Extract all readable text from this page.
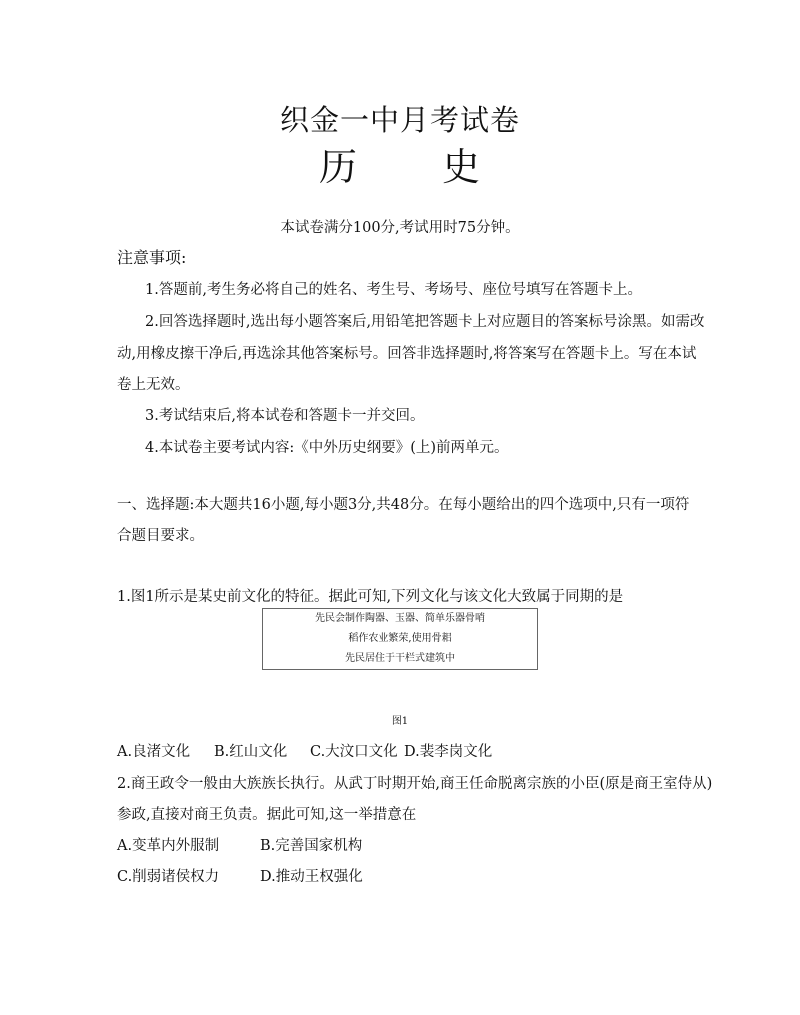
织金一中月考试卷
历 史
本试卷满分100分,考试用时75分钟。
注意事项:
1.答题前,考生务必将自己的姓名、考生号、考场号、座位号填写在答题卡上。
2.回答选择题时,选出每小题答案后,用铅笔把答题卡上对应题目的答案标号涂黑。如需改
动,用橡皮擦干净后,再选涂其他答案标号。回答非选择题时,将答案写在答题卡上。写在本试
卷上无效。
3.考试结束后,将本试卷和答题卡一并交回。
4.本试卷主要考试内容:《中外历史纲要》(上)前两单元。
一、选择题:本大题共16小题,每小题3分,共48分。在每小题给出的四个选项中,只有一项符
合题目要求。
1.图1所示是某史前文化的特征。据此可知,下列文化与该文化大致属于同期的是
先民会制作陶器、玉器、简单乐器骨哨
稻作农业繁荣,使用骨耜
先民居住于干栏式建筑中
图1
A.良渚文化 B.红山文化 C.大汶口文化 D.裴李岗文化
2.商王政令一般由大族族长执行。从武丁时期开始,商王任命脱离宗族的小臣(原是商王室侍从)
参政,直接对商王负责。据此可知,这一举措意在
A.变革内外服制	B.完善国家机构
C.削弱诸侯权力	D.推动王权强化
